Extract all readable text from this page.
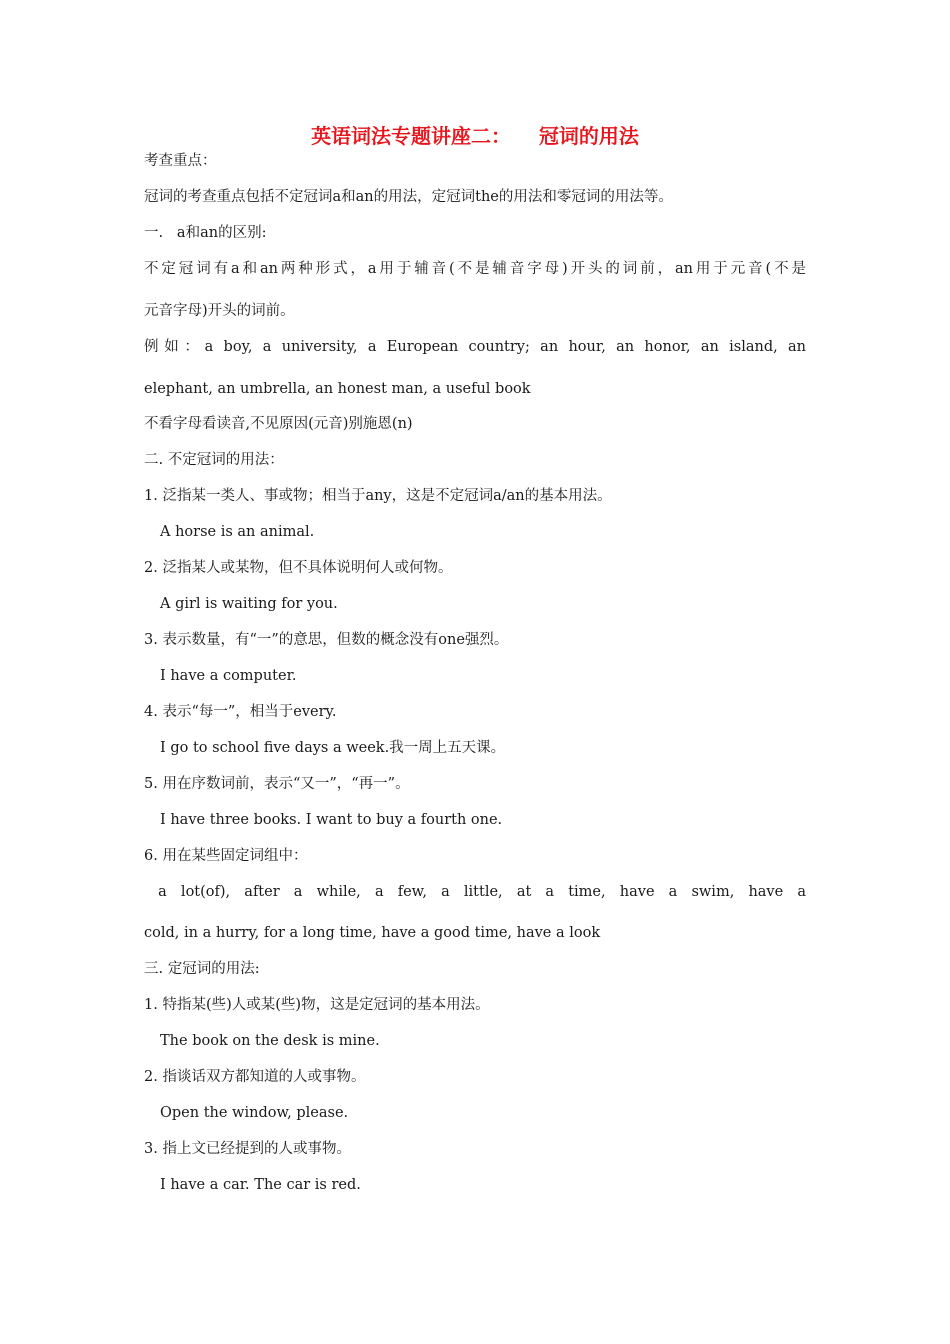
英语词法专题讲座二：    冠词的用法
考查重点：
冠词的考查重点包括不定冠词a和an的用法，定冠词the的用法和零冠词的用法等。
一.   a和an的区别:
不定冠词有a和an两种形式，a用于辅音(不是辅音字母)开头的词前，an用于元音(不是
元音字母)开头的词前。
例如：a boy, a university, a European country; an hour, an honor, an island, an
elephant, an umbrella, an honest man, a useful book
不看字母看读音,不见原因(元音)别施恩(n)
二. 不定冠词的用法：
1. 泛指某一类人、事或物；相当于any，这是不定冠词a/an的基本用法。
A horse is an animal.
2. 泛指某人或某物，但不具体说明何人或何物。
A girl is waiting for you.
3. 表示数量，有“一”的意思，但数的概念没有one强烈。
I have a computer.
4. 表示“每一”，相当于every.
I go to school five days a week.我一周上五天课。
5. 用在序数词前，表示“又一”，“再一”。
I have three books. I want to buy a fourth one.
6. 用在某些固定词组中：
a lot(of), after a while, a few, a little, at a time, have a swim, have a
cold, in a hurry, for a long time, have a good time, have a look
三. 定冠词的用法:
1. 特指某(些)人或某(些)物，这是定冠词的基本用法。
The book on the desk is mine.
2. 指谈话双方都知道的人或事物。
Open the window, please.
3. 指上文已经提到的人或事物。
I have a car. The car is red.
